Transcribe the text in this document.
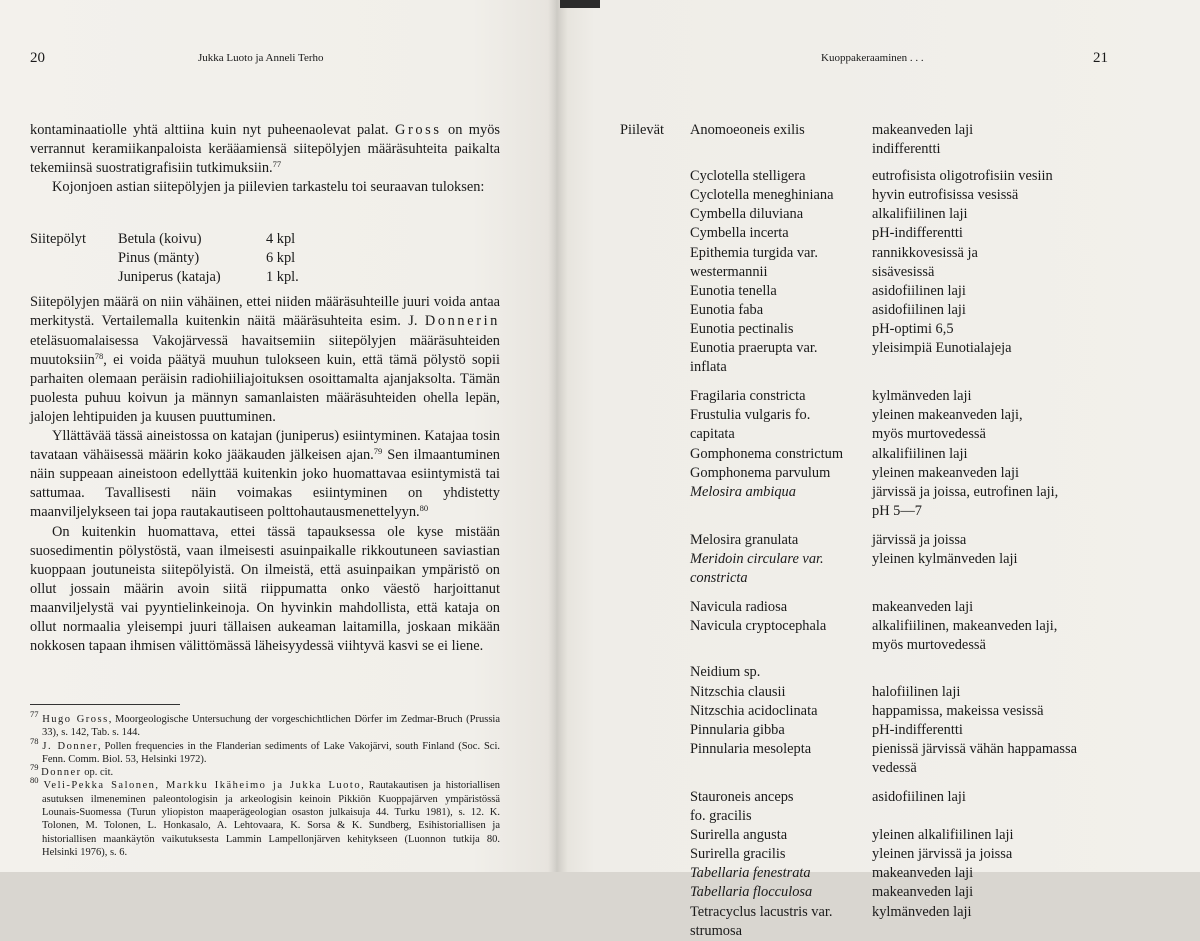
20	Jukka Luoto ja Anneli Terho

kontaminaatiolle yhtä alttiina kuin nyt puheenaolevat palat. Gross on myös verrannut keramiikanpaloista kerääamiensä siitepölyjen määräsuhteita paikalta tekemiinsä suostratigrafisiin tutkimuksiin.$^{77}$

Kojonjoen astian siitepölyjen ja piilevien tarkastelu toi seuraavan tuloksen:

Siitepölyjen määrä on niin vähäinen, ettei niiden määräsuhteille juuri voida antaa merkitystä. Vertailemalla kuitenkin näitä määräsuhteita esim. J. Donnerin eteläsuomalaisessa Vakojärvessä havaitsemiin siitepölyjen määräsuhteiden muutoksiin$^{78}$, ei voida päätyä muuhun tulokseen kuin, että tämä pölystö sopii parhaiten olemaan peräisin radiohiiliajoituksen osoittamalta ajanjaksolta. Tämän puolesta puhuu koivun ja männyn samanlaisten määräsuhteiden ohella lepän, jalojen lehtipuiden ja kuusen puuttuminen.

Yllättävää tässä aineistossa on katajan (juniperus) esiintyminen. Katajaa tosin tavataan vähäisessä määrin koko jääkauden jälkeisen ajan.$^{79}$ Sen ilmaantuminen näin suppeaan aineistoon edellyttää kuitenkin joko huomattavaa esiintymistä tai sattumaa. Tavallisesti näin voimakas esiintyminen on yhdistetty maanviljelykseen tai jopa rautakautiseen polttohautausmenettelyyn.$^{80}$

On kuitenkin huomattava, ettei tässä tapauksessa ole kyse mistään suosedimentin pölystöstä, vaan ilmeisesti asuinpaikalle rikkoutuneen saviastian kuoppaan joutuneista siitepölyistä. On ilmeistä, että asuinpaikan ympäristö on ollut jossain määrin avoin siitä riippumatta onko väestö harjoittanut maanviljelystä vai pyyntielinkeinoja. On hyvinkin mahdollista, että kataja on ollut normaalia yleisempi juuri tällaisen aukeaman laitamilla, joskaan mikään nokkosen tapaan ihmisen välittömässä läheisyydessä viihtyvä kasvi se ei liene.

Siitepölyt	Betula (koivu)	4 kpl
	Pinus (mänty)	6 kpl
	Juniperus (kataja)	1 kpl.

$^{77}$ Hugo Gross, Moorgeologische Untersuchung der vorgeschichtlichen Dörfer im Zedmar-Bruch (Prussia 33), s. 142, Tab. s. 144.

$^{78}$ J. Donner, Pollen frequencies in the Flanderian sediments of Lake Vakojärvi, south Finland (Soc. Sci. Fenn. Comm. Biol. 53, Helsinki 1972).

$^{79}$ Donner op. cit.

$^{80}$ Veli-Pekka Salonen, Markku Ikäheimo ja Jukka Luoto, Rautakautisen ja historiallisen asutuksen ilmeneminen paleontologisin ja arkeologisin keinoin Pikkiön Kuoppajärven ympäristössä Lounais-Suomessa (Turun yliopiston maaperägeologian osaston julkaisuja 44. Turku 1981), s. 12. K. Tolonen, M. Tolonen, L. Honkasalo, A. Lehtovaara, K. Sorsa & K. Sundberg, Esihistoriallisen ja historiallisen maankäytön vaikutuksesta Lammin Lampellonjärven kehitykseen (Luonnon tutkija 80. Helsinki 1976), s. 6.

Kuoppakeraaminen . . .	21
Piilevät	Anomoeoneis exilis	makeanveden laji
indifferentti
Cyclotella stelligera	eutrofisista oligotrofisiin vesiin
Cyclotella meneghiniana	hyvin eutrofisissa vesissä
Cymbella diluviana	alkalifiilinen laji
Cymbella incerta	pH-indifferentti
Epithemia turgida var.	rannikkovesissä ja
westermannii	sisävesissä
Eunotia tenella	asidofiilinen laji
Eunotia faba	asidofiilinen laji
Eunotia pectinalis	pH-optimi 6,5
Eunotia praerupta var.	yleisimpiä Eunotialajeja
inflata
Fragilaria constricta	kylmänveden laji
Frustulia vulgaris fo.	yleinen makeanveden laji,
capitata	myös murtovedessä
Gomphonema constrictum	alkalifiilinen laji
Gomphonema parvulum	yleinen makeanveden laji
Melosira ambiqua	järvissä ja joissa, eutrofinen laji,
pH 5—7
Melosira granulata	järvissä ja joissa
Meridoin circulare var.	yleinen kylmänveden laji
constricta
Navicula radiosa	makeanveden laji
Navicula cryptocephala	alkalifiilinen, makeanveden laji,
myös murtovedessä
Neidium sp.
Nitzschia clausii	halofiilinen laji
Nitzschia acidoclinata	happamissa, makeissa vesissä
Pinnularia gibba	pH-indifferentti
Pinnularia mesolepta	pienissä järvissä vähän happamassa
vedessä
Stauroneis anceps	asidofiilinen laji
fo. gracilis
Surirella angusta	yleinen alkalifiilinen laji
Surirella gracilis	yleinen järvissä ja joissa
Tabellaria fenestrata	makeanveden laji
Tabellaria flocculosa	makeanveden laji
Tetracyclus lacustris var.	kylmänveden laji
strumosa
